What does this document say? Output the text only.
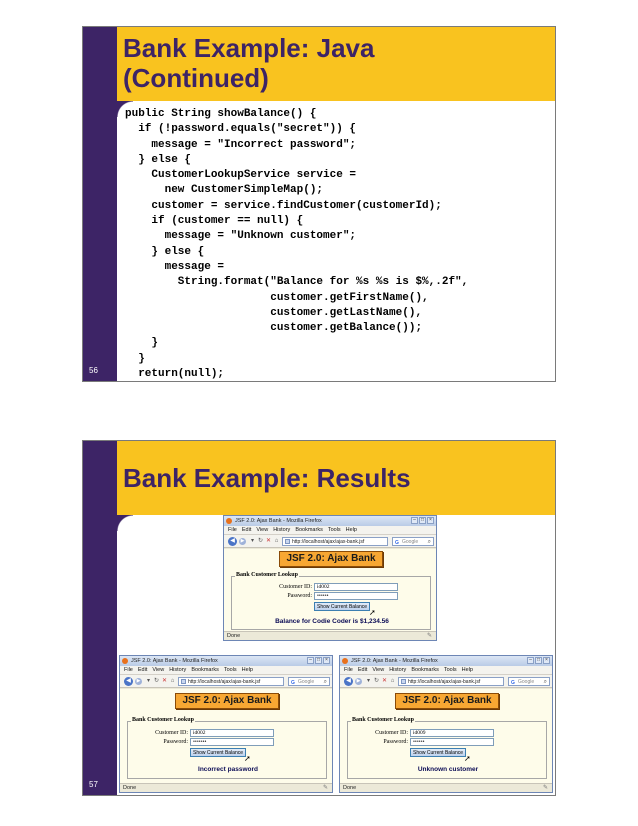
Bank Example: Java
(Continued)
public String showBalance() {
if (!password.equals("secret")) {
message = "Incorrect password";
} else {
CustomerLookupService service =
new CustomerSimpleMap();
customer = service.findCustomer(customerId);
if (customer == null) {
message = "Unknown customer";
} else {
message =
String.format("Balance for %s %s is $%,.2f",
customer.getFirstName(),
customer.getLastName(),
customer.getBalance());
}
}
return(null);
56
Bank Example: Results
JSF 2.0: Ajax Bank - Mozilla Firefox	–	□	×
File Edit View History Bookmarks Tools Help
◀	▶	▾ ↻ ✕ ⌂	http://localhost/ajax/ajax-bank.jsf	G Google ⌕
JSF 2.0: Ajax Bank
Bank Customer Lookup
Customer ID: id002
Password: ••••••
Show Current Balance
➚
Balance for Codie Coder is $1,234.56
Done	✎
JSF 2.0: Ajax Bank - Mozilla Firefox	–	□	×
File Edit View History Bookmarks Tools Help
◀	▶	▾ ↻ ✕ ⌂	http://localhost/ajax/ajax-bank.jsf	G Google ⌕
JSF 2.0: Ajax Bank
Bank Customer Lookup
Customer ID: id002
Password: •••••••
Show Current Balance
➚
Incorrect password
Done	✎
JSF 2.0: Ajax Bank - Mozilla Firefox	–	□	×
File Edit View History Bookmarks Tools Help
◀	▶	▾ ↻ ✕ ⌂	http://localhost/ajax/ajax-bank.jsf	G Google ⌕
JSF 2.0: Ajax Bank
Bank Customer Lookup
Customer ID: id009
Password: ••••••
Show Current Balance
➚
Unknown customer
Done	✎
57
